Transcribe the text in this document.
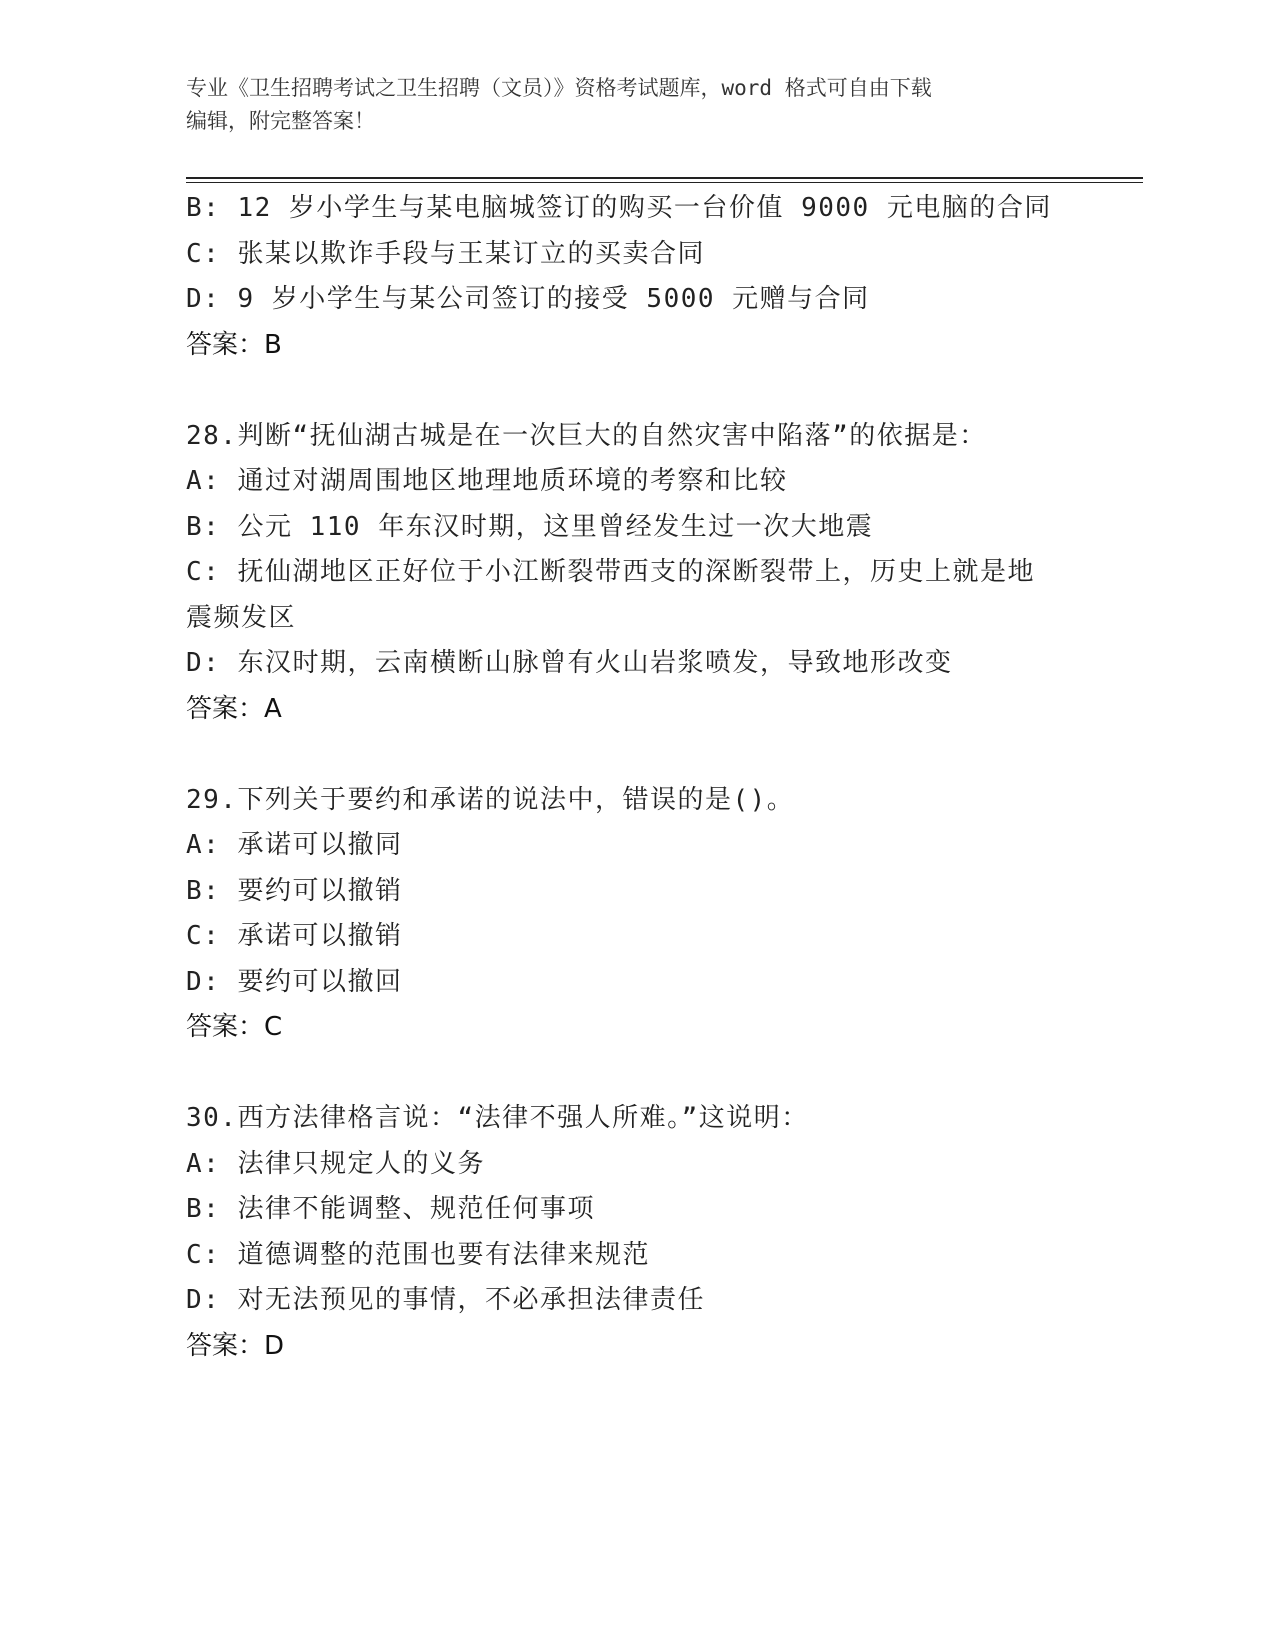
专业《卫生招聘考试之卫生招聘（文员）》资格考试题库，word 格式可自由下载
编辑，附完整答案！
B: 12 岁小学生与某电脑城签订的购买一台价值 9000 元电脑的合同
C: 张某以欺诈手段与王某订立的买卖合同
D: 9 岁小学生与某公司签订的接受 5000 元赠与合同
答案：B
28.判断“抚仙湖古城是在一次巨大的自然灾害中陷落”的依据是：
A: 通过对湖周围地区地理地质环境的考察和比较
B: 公元 110 年东汉时期，这里曾经发生过一次大地震
C: 抚仙湖地区正好位于小江断裂带西支的深断裂带上，历史上就是地
震频发区
D: 东汉时期，云南横断山脉曾有火山岩浆喷发，导致地形改变
答案：A
29.下列关于要约和承诺的说法中，错误的是()。
A: 承诺可以撤同
B: 要约可以撤销
C: 承诺可以撤销
D: 要约可以撤回
答案：C
30.西方法律格言说：“法律不强人所难。”这说明：
A: 法律只规定人的义务
B: 法律不能调整、规范任何事项
C: 道德调整的范围也要有法律来规范
D: 对无法预见的事情，不必承担法律责任
答案：D
